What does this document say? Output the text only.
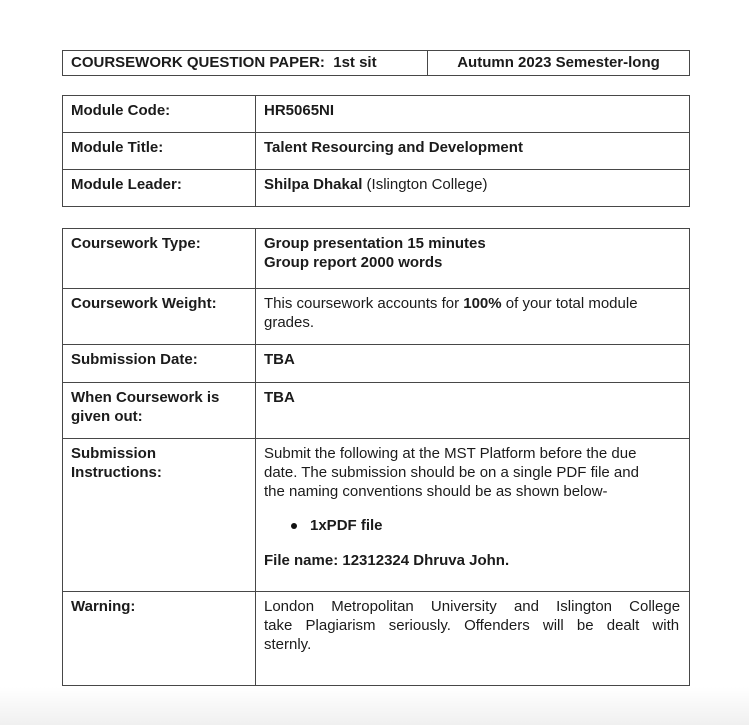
COURSEWORK QUESTION PAPER:  1st sit	Autumn 2023 Semester-long
Module Code:	HR5065NI
Module Title:	Talent Resourcing and Development
Module Leader:	Shilpa Dhakal (Islington College)
Coursework Type:	Group presentation 15 minutes
Group report 2000 words

Coursework Weight:	This coursework accounts for 100% of your total module grades.
Submission Date:	TBA

When Coursework is
given out:	TBA

Submission
Instructions:

Submit the following at the MST Platform before the due
date. The submission should be on a single PDF file and
the naming conventions should be as shown below-

1xPDF file

File name: 12312324 Dhruva John.

Warning:	London Metropolitan University and Islington College
take Plagiarism seriously. Offenders will be dealt with
sternly.
